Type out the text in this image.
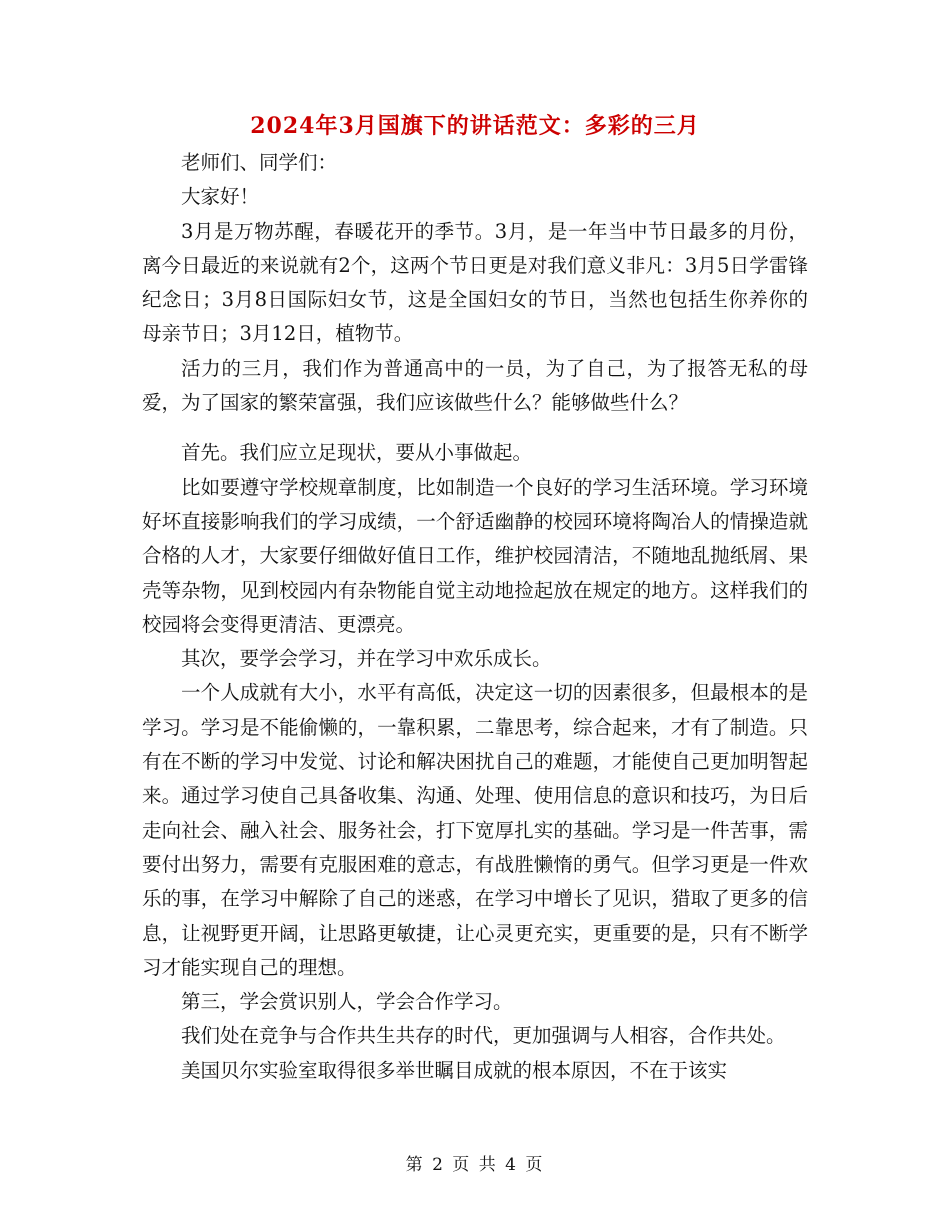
2024年3月国旗下的讲话范文：多彩的三月

老师们、同学们：

大家好！

3月是万物苏醒，春暖花开的季节。3月，是一年当中节日最多的月份，离今日最近的来说就有2个，这两个节日更是对我们意义非凡：3月5日学雷锋纪念日；3月8日国际妇女节，这是全国妇女的节日，当然也包括生你养你的母亲节日；3月12日，植物节。

活力的三月，我们作为普通高中的一员，为了自己，为了报答无私的母爱，为了国家的繁荣富强，我们应该做些什么？能够做些什么？

首先。我们应立足现状，要从小事做起。

比如要遵守学校规章制度，比如制造一个良好的学习生活环境。学习环境好坏直接影响我们的学习成绩，一个舒适幽静的校园环境将陶冶人的情操造就合格的人才，大家要仔细做好值日工作，维护校园清洁，不随地乱抛纸屑、果壳等杂物，见到校园内有杂物能自觉主动地捡起放在规定的地方。这样我们的校园将会变得更清洁、更漂亮。

其次，要学会学习，并在学习中欢乐成长。

一个人成就有大小，水平有高低，决定这一切的因素很多，但最根本的是学习。学习是不能偷懒的，一靠积累，二靠思考，综合起来，才有了制造。只有在不断的学习中发觉、讨论和解决困扰自己的难题，才能使自己更加明智起来。通过学习使自己具备收集、沟通、处理、使用信息的意识和技巧，为日后走向社会、融入社会、服务社会，打下宽厚扎实的基础。学习是一件苦事，需要付出努力，需要有克服困难的意志，有战胜懒惰的勇气。但学习更是一件欢乐的事，在学习中解除了自己的迷惑，在学习中增长了见识，猎取了更多的信息，让视野更开阔，让思路更敏捷，让心灵更充实，更重要的是，只有不断学习才能实现自己的理想。

第三，学会赏识别人，学会合作学习。

我们处在竞争与合作共生共存的时代，更加强调与人相容，合作共处。

美国贝尔实验室取得很多举世瞩目成就的根本原因，不在于该实

第 2 页 共 4 页
